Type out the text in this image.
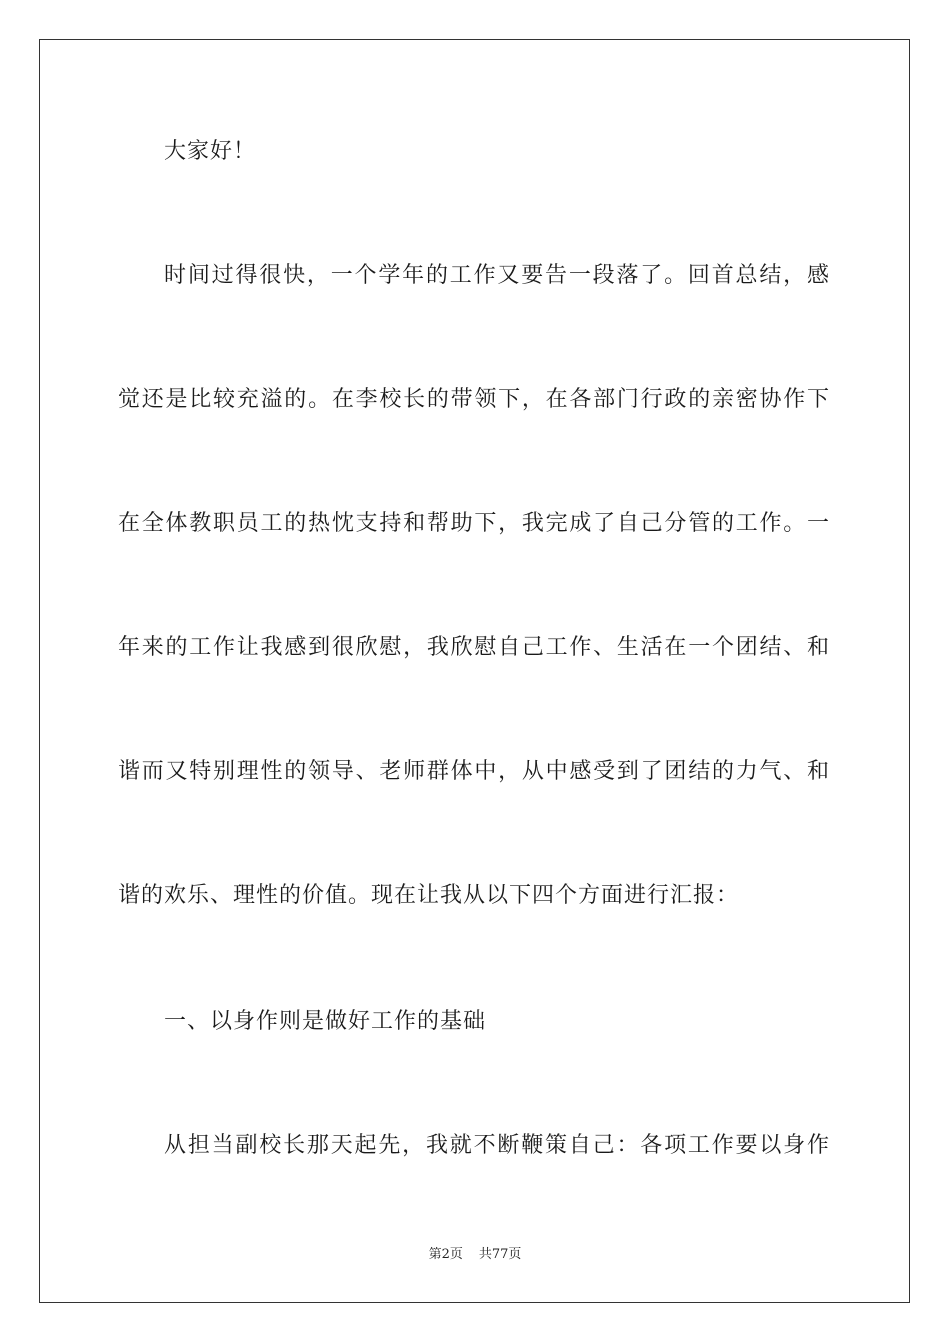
大家好！
时间过得很快，一个学年的工作又要告一段落了。回首总结，感
觉还是比较充溢的。在李校长的带领下，在各部门行政的亲密协作下
在全体教职员工的热忱支持和帮助下，我完成了自己分管的工作。一
年来的工作让我感到很欣慰，我欣慰自己工作、生活在一个团结、和
谐而又特别理性的领导、老师群体中，从中感受到了团结的力气、和
谐的欢乐、理性的价值。现在让我从以下四个方面进行汇报：
一、以身作则是做好工作的基础
从担当副校长那天起先，我就不断鞭策自己：各项工作要以身作
第2页 共77页
